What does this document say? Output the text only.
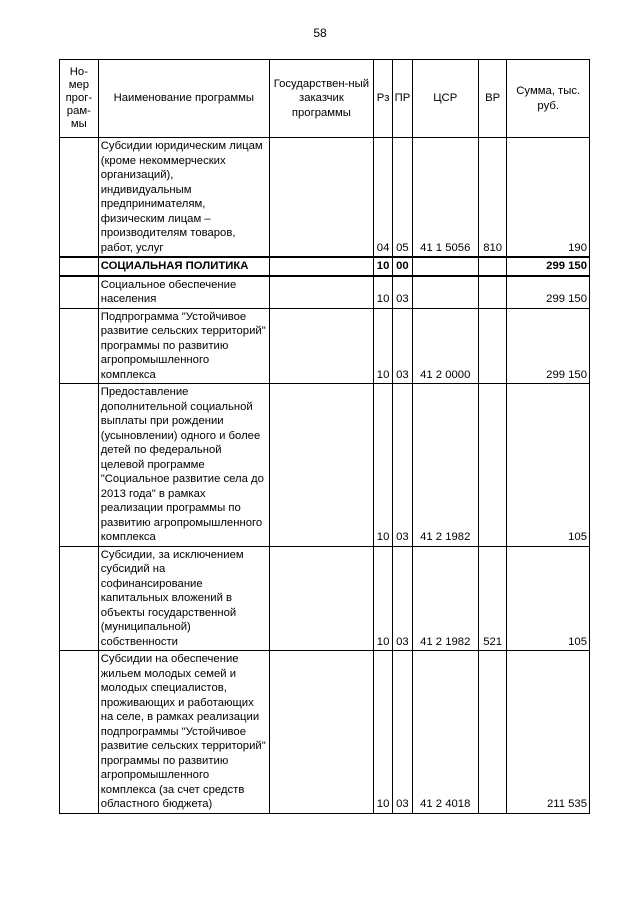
58
Но-мер прог-рам-мы	Наименование программы	Государствен-ный заказчик программы	Рз	ПР	ЦСР	ВР	Сумма, тыс. руб.
	Субсидии юридическим лицам (кроме некоммерческих организаций), индивидуальным предпринимателям, физическим лицам – производителям товаров, работ, услуг		04	05	41 1 5056	810	190
	СОЦИАЛЬНАЯ ПОЛИТИКА		10	00			299 150
	Социальное обеспечение населения		10	03			299 150
	Подпрограмма "Устойчивое развитие сельских территорий" программы по развитию агропромышленного комплекса		10	03	41 2 0000		299 150
	Предоставление дополнительной социальной выплаты при рождении (усыновлении) одного и более детей по федеральной целевой программе "Социальное развитие села до 2013 года" в рамках реализации программы по развитию агропромышленного комплекса		10	03	41 2 1982		105
	Субсидии, за исключением субсидий на софинансирование капитальных вложений в объекты государственной (муниципальной) собственности		10	03	41 2 1982	521	105
	Субсидии на обеспечение жильем молодых семей и молодых специалистов, проживающих и работающих на селе, в рамках реализации подпрограммы "Устойчивое развитие сельских территорий" программы по развитию агропромышленного комплекса (за счет средств областного бюджета)		10	03	41 2 4018		211 535
